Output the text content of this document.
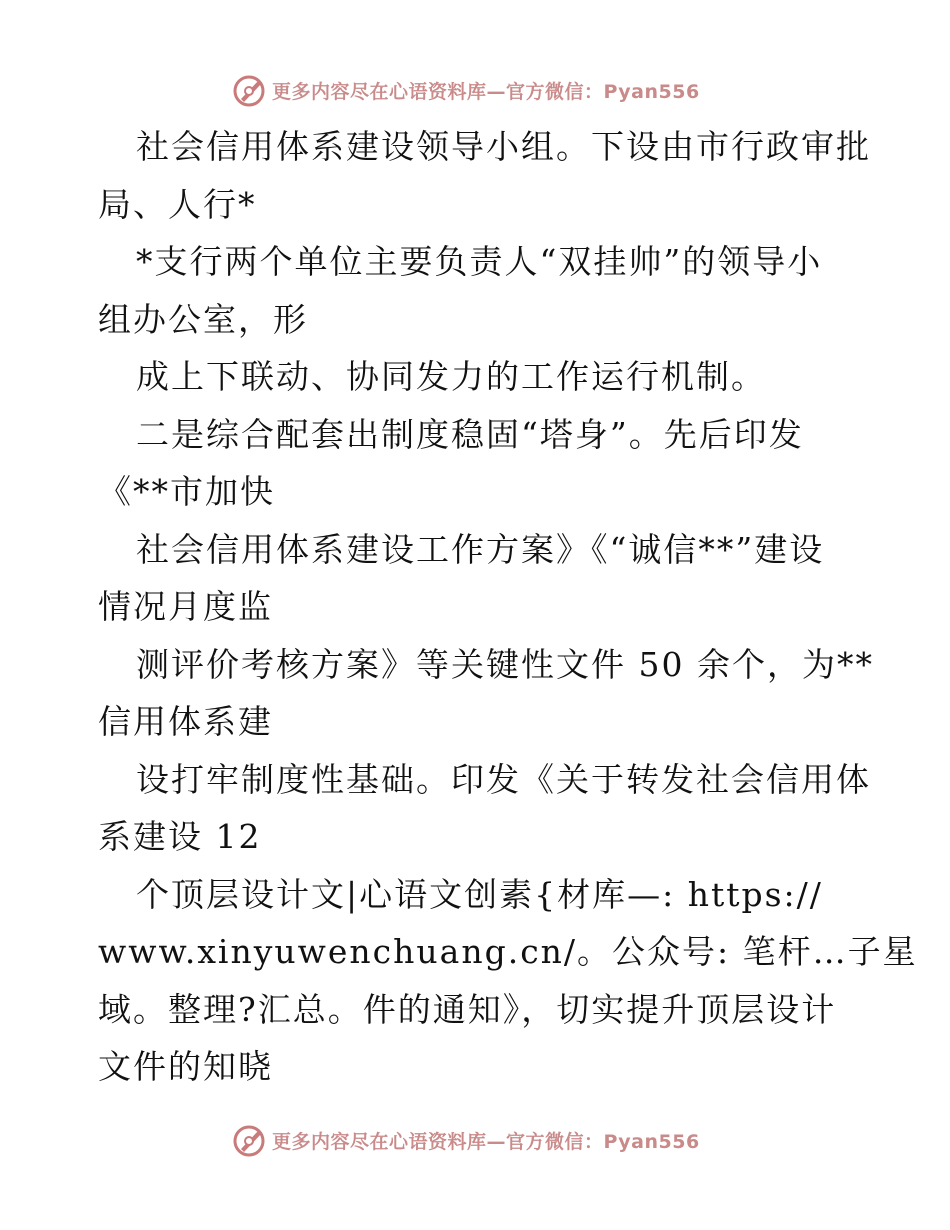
更多内容尽在心语资料库—官方微信：Pyan556
社会信用体系建设领导小组。下设由市行政审批
局、人行*
*支行两个单位主要负责人“双挂帅”的领导小
组办公室，形
成上下联动、协同发力的工作运行机制。
二是综合配套出制度稳固“塔身”。先后印发
《**市加快
社会信用体系建设工作方案》《“诚信**”建设
情况月度监
测评价考核方案》等关键性文件 50 余个，为**
信用体系建
设打牢制度性基础。印发《关于转发社会信用体
系建设 12
个顶层设计文|心语文创素{材库—: https://
www.xinyuwenchuang.cn/。公众号: 笔杆…子星
域。整理?汇总。件的通知》，切实提升顶层设计
文件的知晓
更多内容尽在心语资料库—官方微信：Pyan556
